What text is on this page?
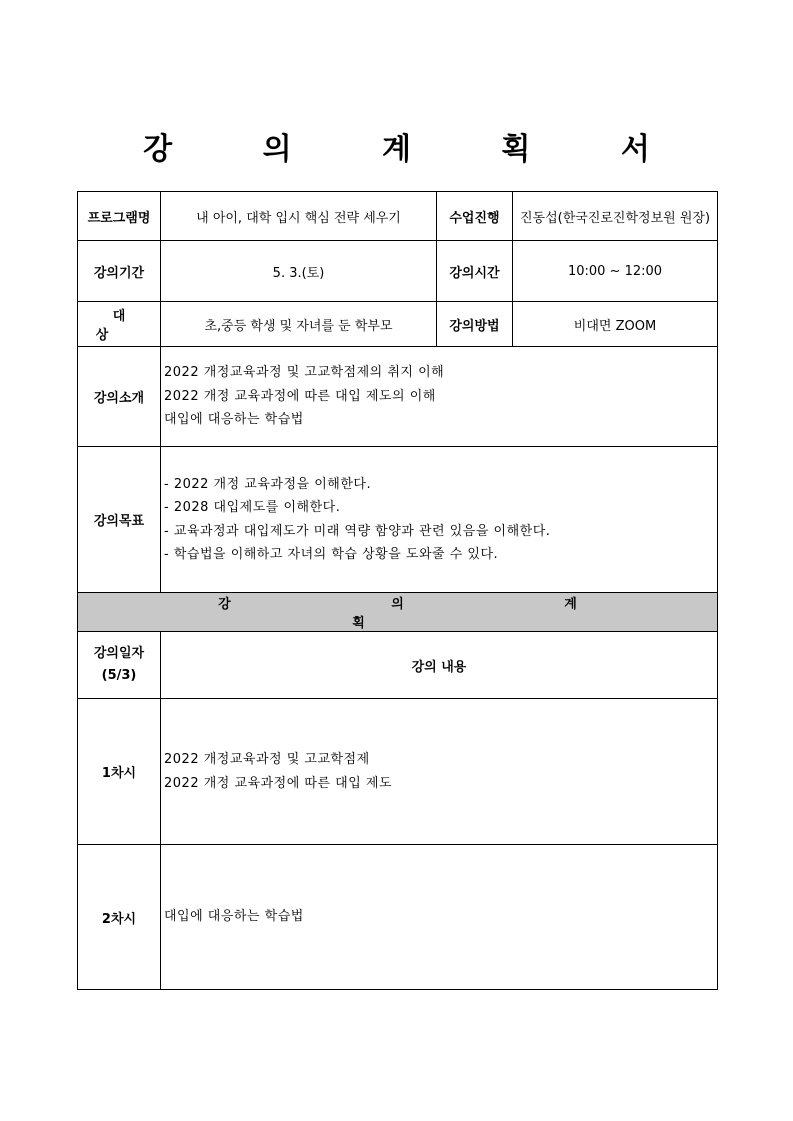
강 의 계 획 서
프로그램명	내 아이, 대학 입시 핵심 전략 세우기	수업진행	진동섭(한국진로진학정보원 원장)
강의기간	5. 3.(토)	강의시간	10:00 ~ 12:00
대 상	초,중등 학생 및 자녀를 둔 학부모	강의방법	비대면 ZOOM
강의소개	2022 개정교육과정 및 고교학점제의 취지 이해
2022 개정 교육과정에 따른 대입 제도의 이해
대입에 대응하는 학습법		

강의목표	- 2022 개정 교육과정을 이해한다.
- 2028 대입제도를 이해한다.
- 교육과정과 대입제도가 미래 역량 함양과 관련 있음을 이해한다.
- 학습법을 이해하고 자녀의 학습 상황을 도와줄 수 있다.		

강 의 계 획			

강의일자
(5/3)	강의 내용		
1차시	2022 개정교육과정 및 고교학점제
2022 개정 교육과정에 따른 대입 제도		

2차시	대입에 대응하는 학습법		
